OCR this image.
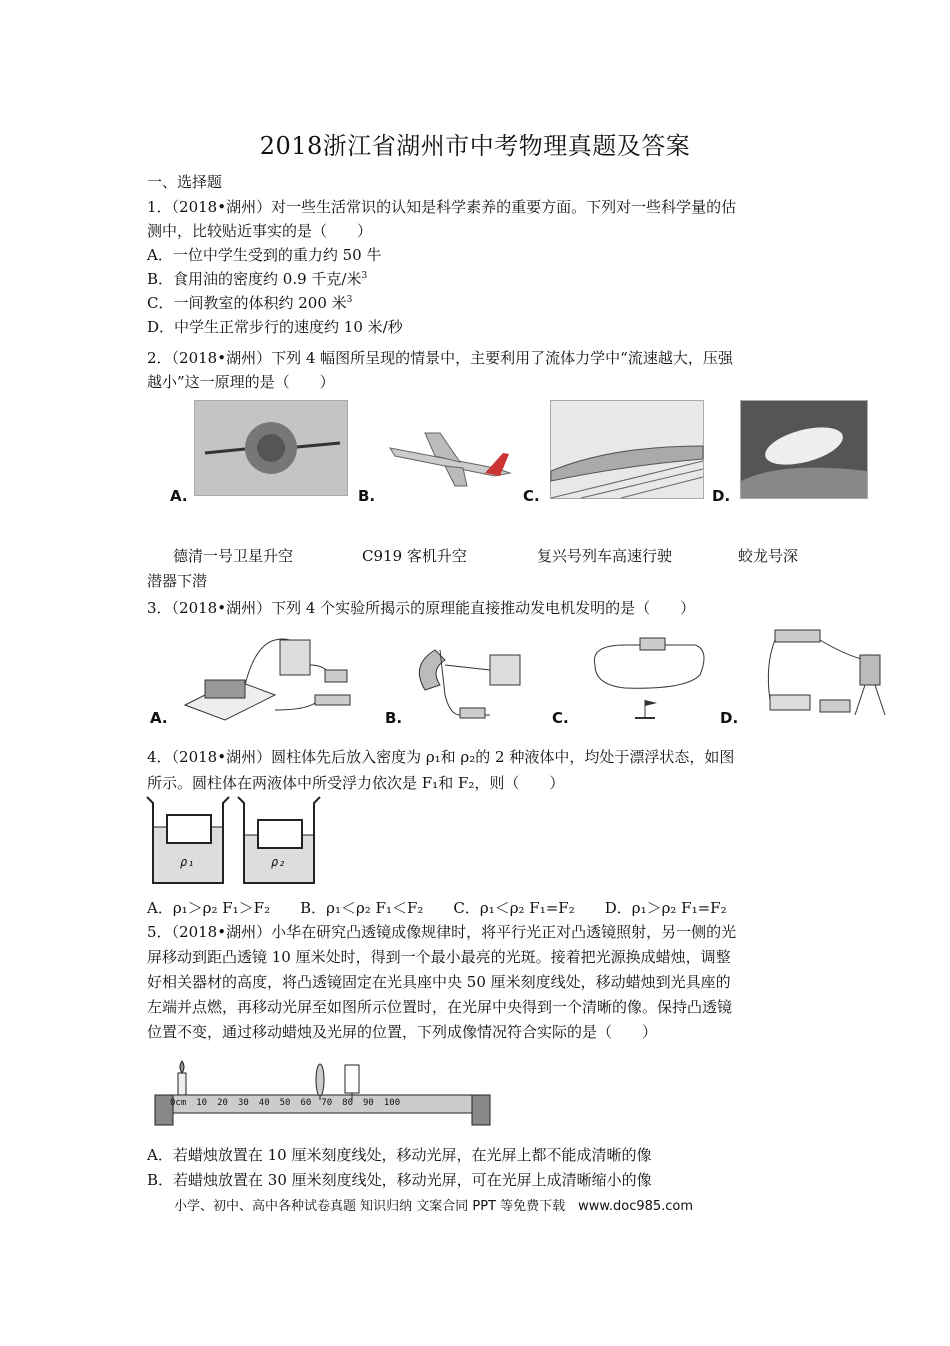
2018浙江省湖州市中考物理真题及答案
一、选择题
1．（2018•湖州）对一些生活常识的认知是科学素养的重要方面。下列对一些科学量的估
测中，比较贴近事实的是（　　）
A．一位中学生受到的重力约 50 牛
B．食用油的密度约 0.9 千克/米$^3$
C．一间教室的体积约 200 米$^3$
D．中学生正常步行的速度约 10 米/秒
2．（2018•湖州）下列 4 幅图所呈现的情景中，主要利用了流体力学中“流速越大，压强
越小”这一原理的是（　　）
A.	B.	C.	D.
德清一号卫星升空	C919 客机升空	复兴号列车高速行驶	蛟龙号深
潜器下潜
3．（2018•湖州）下列 4 个实验所揭示的原理能直接推动发电机发明的是（　　）
A.	B.	C.	D.
4．（2018•湖州）圆柱体先后放入密度为 ρ₁和 ρ₂的 2 种液体中，均处于漂浮状态，如图
所示。圆柱体在两液体中所受浮力依次是 F₁和 F₂，则（　　）
ρ₁	ρ₂
A．ρ₁＞ρ₂ F₁＞F₂　　B．ρ₁＜ρ₂ F₁＜F₂　　C．ρ₁＜ρ₂ F₁=F₂　　D．ρ₁＞ρ₂ F₁=F₂
5．（2018•湖州）小华在研究凸透镜成像规律时，将平行光正对凸透镜照射，另一侧的光
屏移动到距凸透镜 10 厘米处时，得到一个最小最亮的光斑。接着把光源换成蜡烛，调整
好相关器材的高度，将凸透镜固定在光具座中央 50 厘米刻度线处，移动蜡烛到光具座的
左端并点燃，再移动光屏至如图所示位置时，在光屏中央得到一个清晰的像。保持凸透镜
位置不变，通过移动蜡烛及光屏的位置，下列成像情况符合实际的是（　　）
0cm 10 20 30 40 50 60 70 80 90 100
A．若蜡烛放置在 10 厘米刻度线处，移动光屏，在光屏上都不能成清晰的像
B．若蜡烛放置在 30 厘米刻度线处，移动光屏，可在光屏上成清晰缩小的像
小学、初中、高中各种试卷真题 知识归纳 文案合同 PPT 等免费下载　www.doc985.com
